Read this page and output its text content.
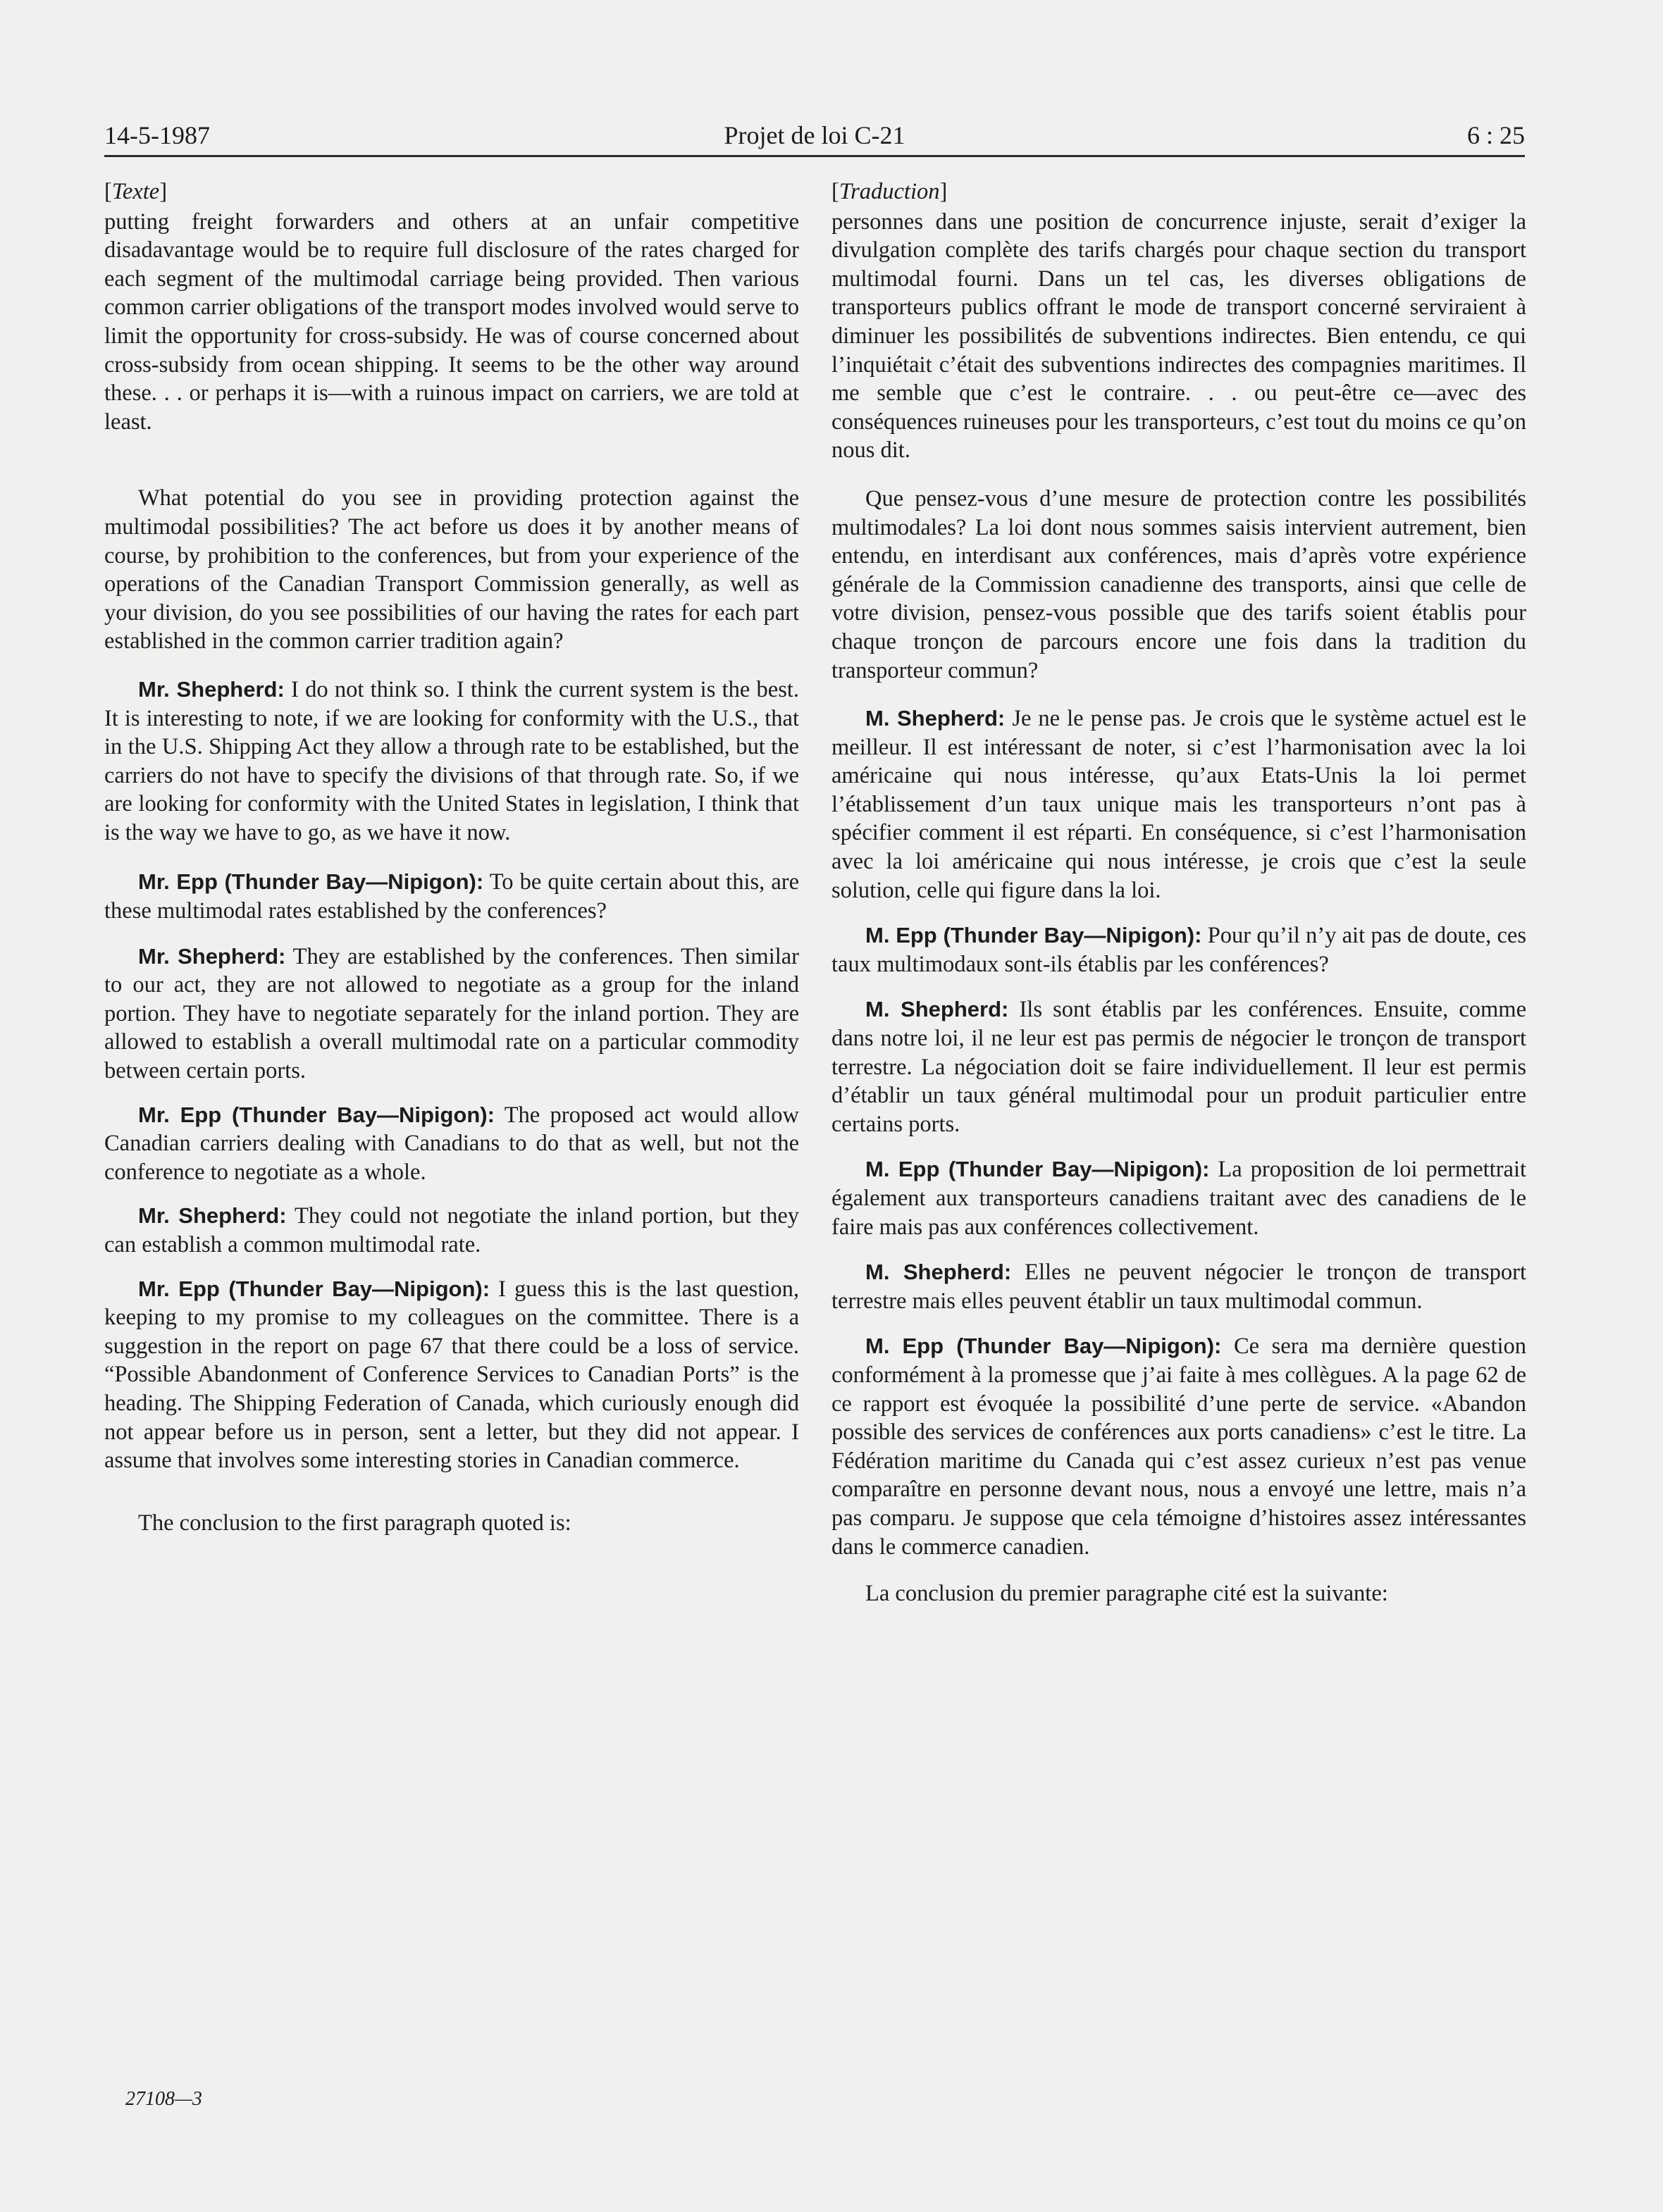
14-5-1987	Projet de loi C-21	6 : 25
[Texte]

putting freight forwarders and others at an unfair competitive disadavantage would be to require full disclosure of the rates charged for each segment of the multimodal carriage being provided. Then various common carrier obligations of the transport modes involved would serve to limit the opportunity for cross-subsidy. He was of course concerned about cross-subsidy from ocean shipping. It seems to be the other way around these. . . or perhaps it is—with a ruinous impact on carriers, we are told at least.

What potential do you see in providing protection against the multimodal possibilities? The act before us does it by another means of course, by prohibition to the conferences, but from your experience of the operations of the Canadian Transport Commission generally, as well as your division, do you see possibilities of our having the rates for each part established in the common carrier tradition again?

Mr. Shepherd: I do not think so. I think the current system is the best. It is interesting to note, if we are looking for conformity with the U.S., that in the U.S. Shipping Act they allow a through rate to be established, but the carriers do not have to specify the divisions of that through rate. So, if we are looking for conformity with the United States in legislation, I think that is the way we have to go, as we have it now.

Mr. Epp (Thunder Bay—Nipigon): To be quite certain about this, are these multimodal rates established by the conferences?

Mr. Shepherd: They are established by the conferences. Then similar to our act, they are not allowed to negotiate as a group for the inland portion. They have to negotiate separately for the inland portion. They are allowed to establish a overall multimodal rate on a particular commodity between certain ports.

Mr. Epp (Thunder Bay—Nipigon): The proposed act would allow Canadian carriers dealing with Canadians to do that as well, but not the conference to negotiate as a whole.

Mr. Shepherd: They could not negotiate the inland portion, but they can establish a common multimodal rate.

Mr. Epp (Thunder Bay—Nipigon): I guess this is the last question, keeping to my promise to my colleagues on the committee. There is a suggestion in the report on page 67 that there could be a loss of service. “Possible Abandonment of Conference Services to Canadian Ports” is the heading. The Shipping Federation of Canada, which curiously enough did not appear before us in person, sent a letter, but they did not appear. I assume that involves some interesting stories in Canadian commerce.

The conclusion to the first paragraph quoted is:

[Traduction]

personnes dans une position de concurrence injuste, serait d’exiger la divulgation complète des tarifs chargés pour chaque section du transport multimodal fourni. Dans un tel cas, les diverses obligations de transporteurs publics offrant le mode de transport concerné serviraient à diminuer les possibilités de subventions indirectes. Bien entendu, ce qui l’inquiétait c’était des subventions indirectes des compagnies maritimes. Il me semble que c’est le contraire. . . ou peut-être ce—avec des conséquences ruineuses pour les transporteurs, c’est tout du moins ce qu’on nous dit.

Que pensez-vous d’une mesure de protection contre les possibilités multimodales? La loi dont nous sommes saisis intervient autrement, bien entendu, en interdisant aux conférences, mais d’après votre expérience générale de la Commission canadienne des transports, ainsi que celle de votre division, pensez-vous possible que des tarifs soient établis pour chaque tronçon de parcours encore une fois dans la tradition du transporteur commun?

M. Shepherd: Je ne le pense pas. Je crois que le système actuel est le meilleur. Il est intéressant de noter, si c’est l’harmonisation avec la loi américaine qui nous intéresse, qu’aux Etats-Unis la loi permet l’établissement d’un taux unique mais les transporteurs n’ont pas à spécifier comment il est réparti. En conséquence, si c’est l’harmonisation avec la loi américaine qui nous intéresse, je crois que c’est la seule solution, celle qui figure dans la loi.

M. Epp (Thunder Bay—Nipigon): Pour qu’il n’y ait pas de doute, ces taux multimodaux sont-ils établis par les conférences?

M. Shepherd: Ils sont établis par les conférences. Ensuite, comme dans notre loi, il ne leur est pas permis de négocier le tronçon de transport terrestre. La négociation doit se faire individuellement. Il leur est permis d’établir un taux général multimodal pour un produit particulier entre certains ports.

M. Epp (Thunder Bay—Nipigon): La proposition de loi permettrait également aux transporteurs canadiens traitant avec des canadiens de le faire mais pas aux conférences collectivement.

M. Shepherd: Elles ne peuvent négocier le tronçon de transport terrestre mais elles peuvent établir un taux multimodal commun.

M. Epp (Thunder Bay—Nipigon): Ce sera ma dernière question conformément à la promesse que j’ai faite à mes collègues. A la page 62 de ce rapport est évoquée la possibilité d’une perte de service. «Abandon possible des services de conférences aux ports canadiens» c’est le titre. La Fédération maritime du Canada qui c’est assez curieux n’est pas venue comparaître en personne devant nous, nous a envoyé une lettre, mais n’a pas comparu. Je suppose que cela témoigne d’histoires assez intéressantes dans le commerce canadien.

La conclusion du premier paragraphe cité est la suivante:

27108—3
